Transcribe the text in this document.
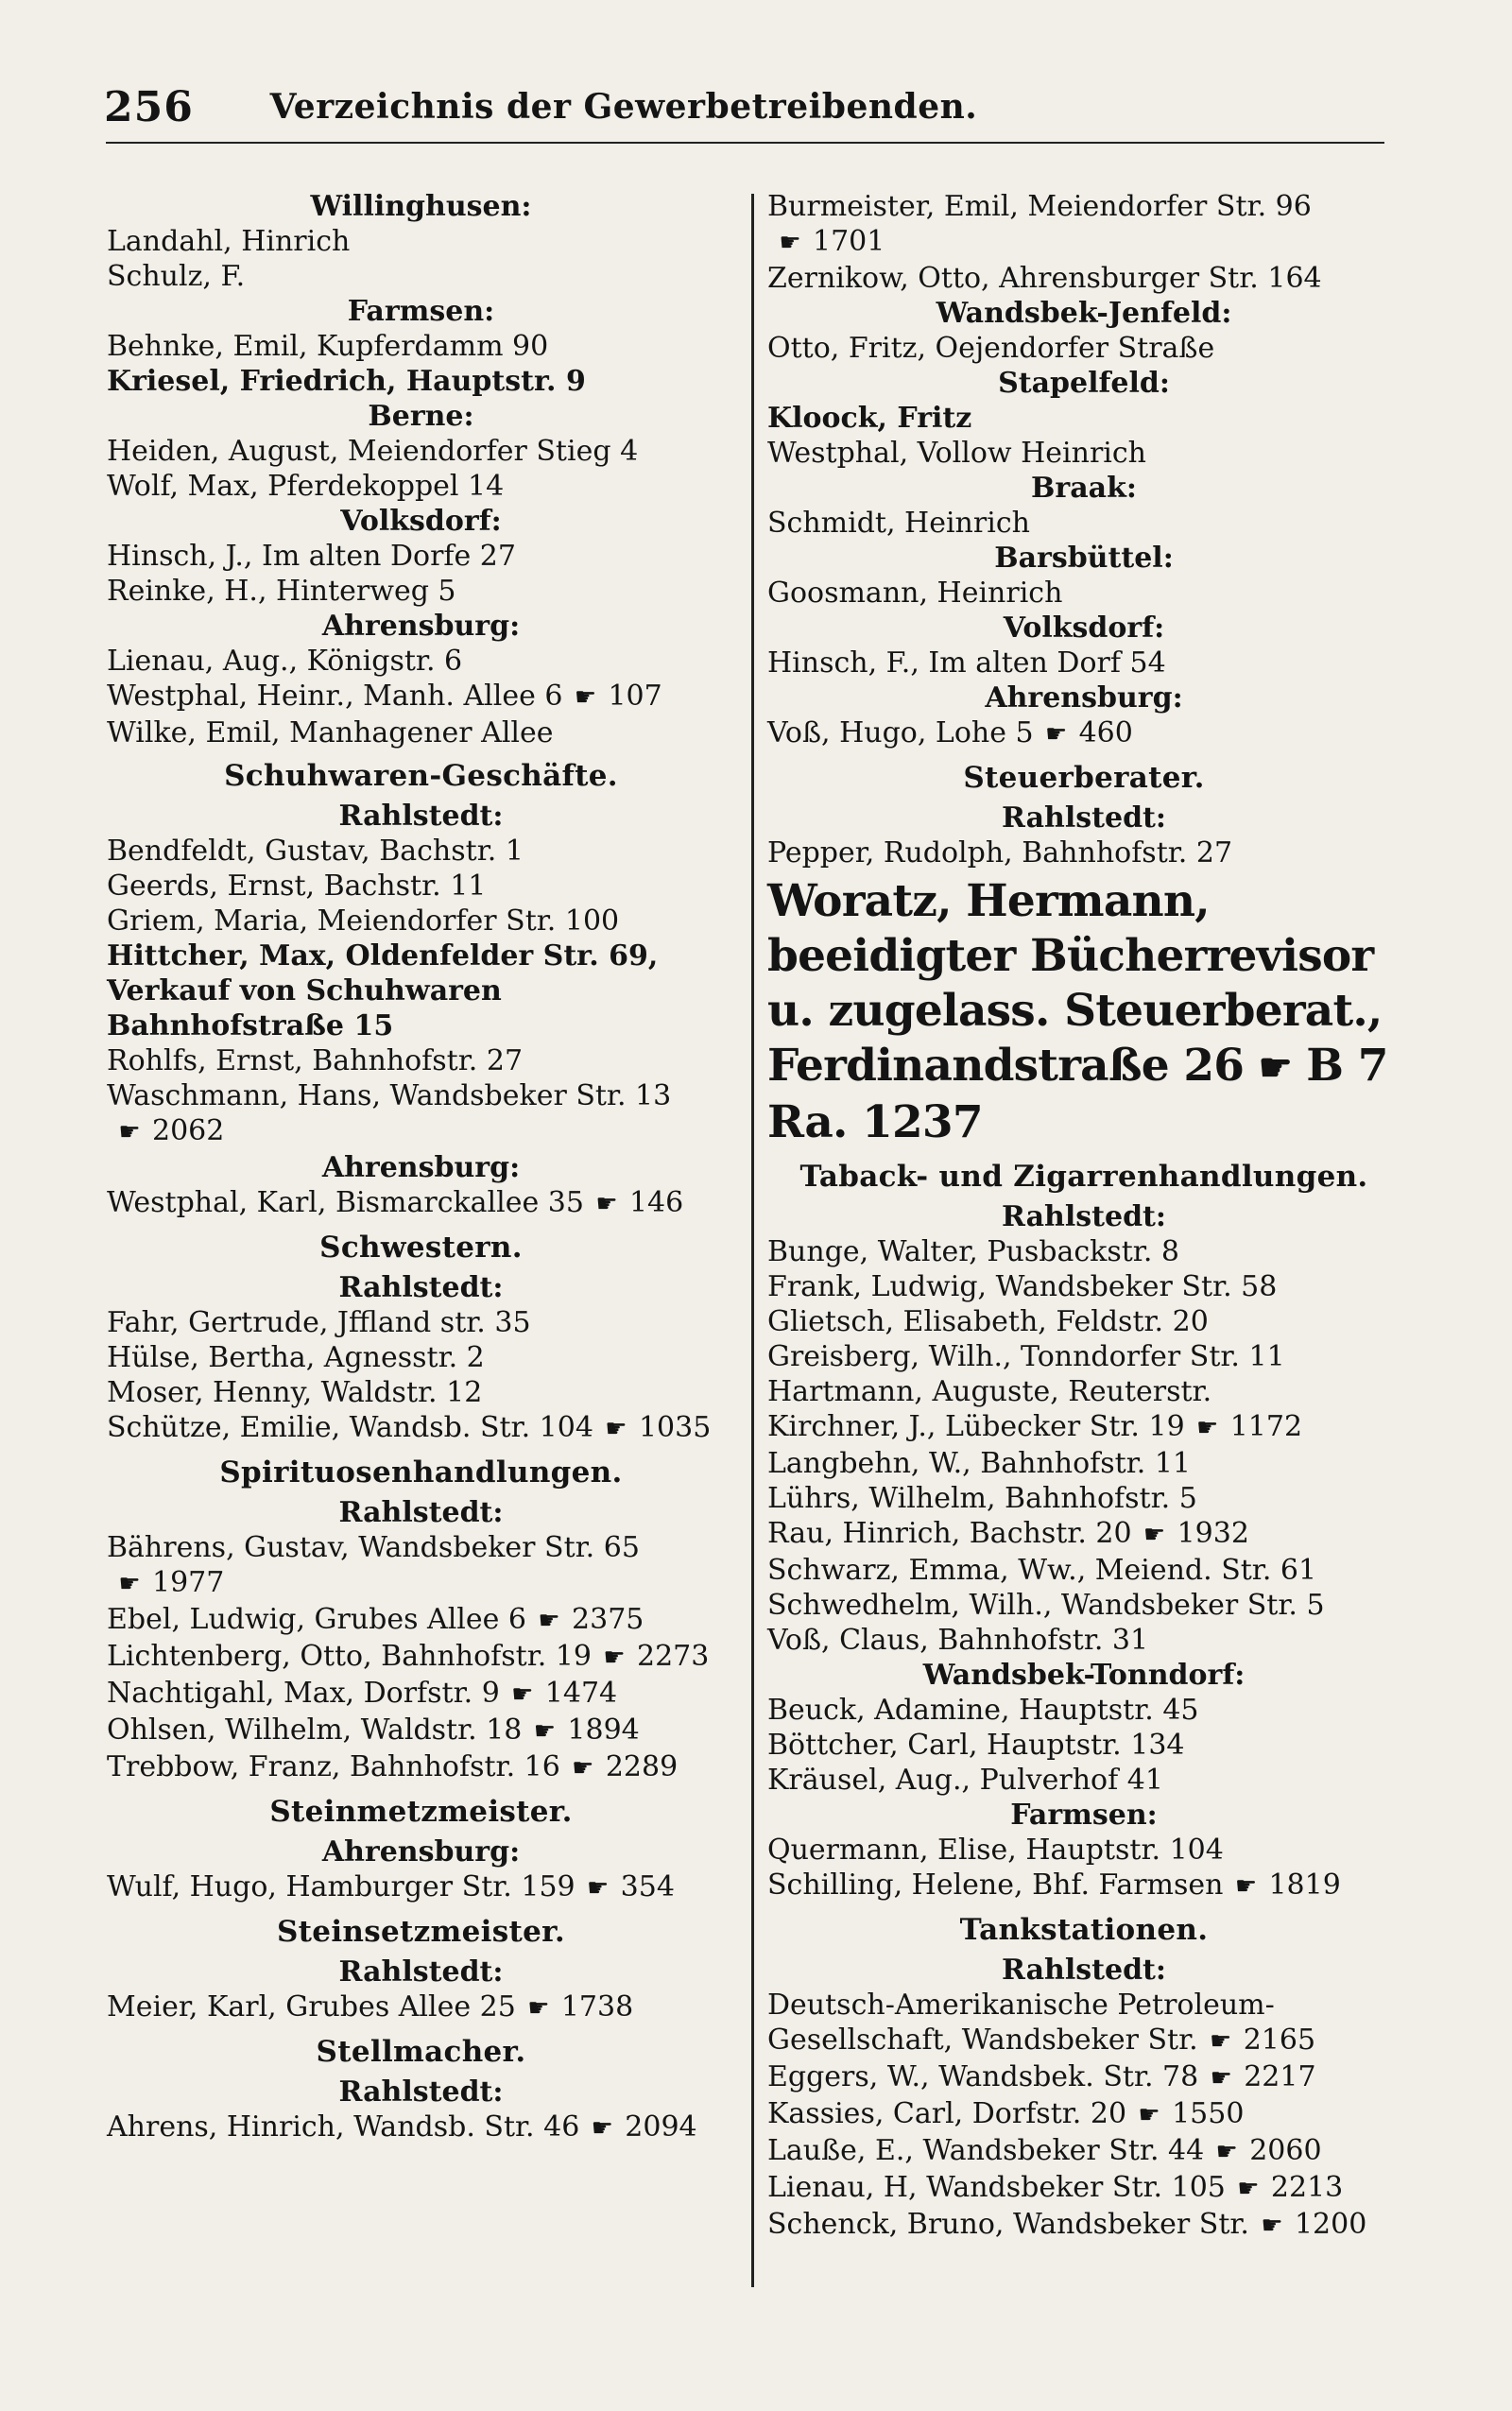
256	Verzeichnis der Gewerbetreibenden.
Willinghusen:
Landahl, Hinrich
Schulz, F.
Farmsen:
Behnke, Emil, Kupferdamm 90
Kriesel, Friedrich, Hauptstr. 9
Berne:
Heiden, August, Meiendorfer Stieg 4
Wolf, Max, Pferdekoppel 14
Volksdorf:
Hinsch, J., Im alten Dorfe 27
Reinke, H., Hinterweg 5
Ahrensburg:
Lienau, Aug., Königstr. 6
Westphal, Heinr., Manh. Allee 6 ☛ 107
Wilke, Emil, Manhagener Allee
Schuhwaren-Geschäfte.
Rahlstedt:
Bendfeldt, Gustav, Bachstr. 1
Geerds, Ernst, Bachstr. 11
Griem, Maria, Meiendorfer Str. 100
Hittcher, Max, Oldenfelder Str. 69, Verkauf von Schuhwaren Bahnhofstraße 15
Rohlfs, Ernst, Bahnhofstr. 27
Waschmann, Hans, Wandsbeker Str. 13
☛ 2062
Ahrensburg:
Westphal, Karl, Bismarckallee 35 ☛ 146
Schwestern.
Rahlstedt:
Fahr, Gertrude, Jffland str. 35
Hülse, Bertha, Agnesstr. 2
Moser, Henny, Waldstr. 12
Schütze, Emilie, Wandsb. Str. 104 ☛ 1035
Spirituosenhandlungen.
Rahlstedt:
Bährens, Gustav, Wandsbeker Str. 65
☛ 1977
Ebel, Ludwig, Grubes Allee 6 ☛ 2375
Lichtenberg, Otto, Bahnhofstr. 19 ☛ 2273
Nachtigahl, Max, Dorfstr. 9 ☛ 1474
Ohlsen, Wilhelm, Waldstr. 18 ☛ 1894
Trebbow, Franz, Bahnhofstr. 16 ☛ 2289
Steinmetzmeister.
Ahrensburg:
Wulf, Hugo, Hamburger Str. 159 ☛ 354
Steinsetzmeister.
Rahlstedt:
Meier, Karl, Grubes Allee 25 ☛ 1738
Stellmacher.
Rahlstedt:
Ahrens, Hinrich, Wandsb. Str. 46 ☛ 2094
Burmeister, Emil, Meiendorfer Str. 96
☛ 1701
Zernikow, Otto, Ahrensburger Str. 164
Wandsbek-Jenfeld:
Otto, Fritz, Oejendorfer Straße
Stapelfeld:
Kloock, Fritz
Westphal, Vollow Heinrich
Braak:
Schmidt, Heinrich
Barsbüttel:
Goosmann, Heinrich
Volksdorf:
Hinsch, F., Im alten Dorf 54
Ahrensburg:
Voß, Hugo, Lohe 5 ☛ 460
Steuerberater.
Rahlstedt:
Pepper, Rudolph, Bahnhofstr. 27
Woratz, Hermann, beeidigter Bücherrevisor u. zugelass. Steuerberat., Ferdinandstraße 26 ☛ B 7 Ra. 1237
Taback- und Zigarrenhandlungen.
Rahlstedt:
Bunge, Walter, Pusbackstr. 8
Frank, Ludwig, Wandsbeker Str. 58
Glietsch, Elisabeth, Feldstr. 20
Greisberg, Wilh., Tonndorfer Str. 11
Hartmann, Auguste, Reuterstr.
Kirchner, J., Lübecker Str. 19 ☛ 1172
Langbehn, W., Bahnhofstr. 11
Lührs, Wilhelm, Bahnhofstr. 5
Rau, Hinrich, Bachstr. 20 ☛ 1932
Schwarz, Emma, Ww., Meiend. Str. 61
Schwedhelm, Wilh., Wandsbeker Str. 5
Voß, Claus, Bahnhofstr. 31
Wandsbek-Tonndorf:
Beuck, Adamine, Hauptstr. 45
Böttcher, Carl, Hauptstr. 134
Kräusel, Aug., Pulverhof 41
Farmsen:
Quermann, Elise, Hauptstr. 104
Schilling, Helene, Bhf. Farmsen ☛ 1819
Tankstationen.
Rahlstedt:
Deutsch-Amerikanische Petroleum-Gesellschaft, Wandsbeker Str. ☛ 2165
Eggers, W., Wandsbek. Str. 78 ☛ 2217
Kassies, Carl, Dorfstr. 20 ☛ 1550
Lauße, E., Wandsbeker Str. 44 ☛ 2060
Lienau, H, Wandsbeker Str. 105 ☛ 2213
Schenck, Bruno, Wandsbeker Str. ☛ 1200
